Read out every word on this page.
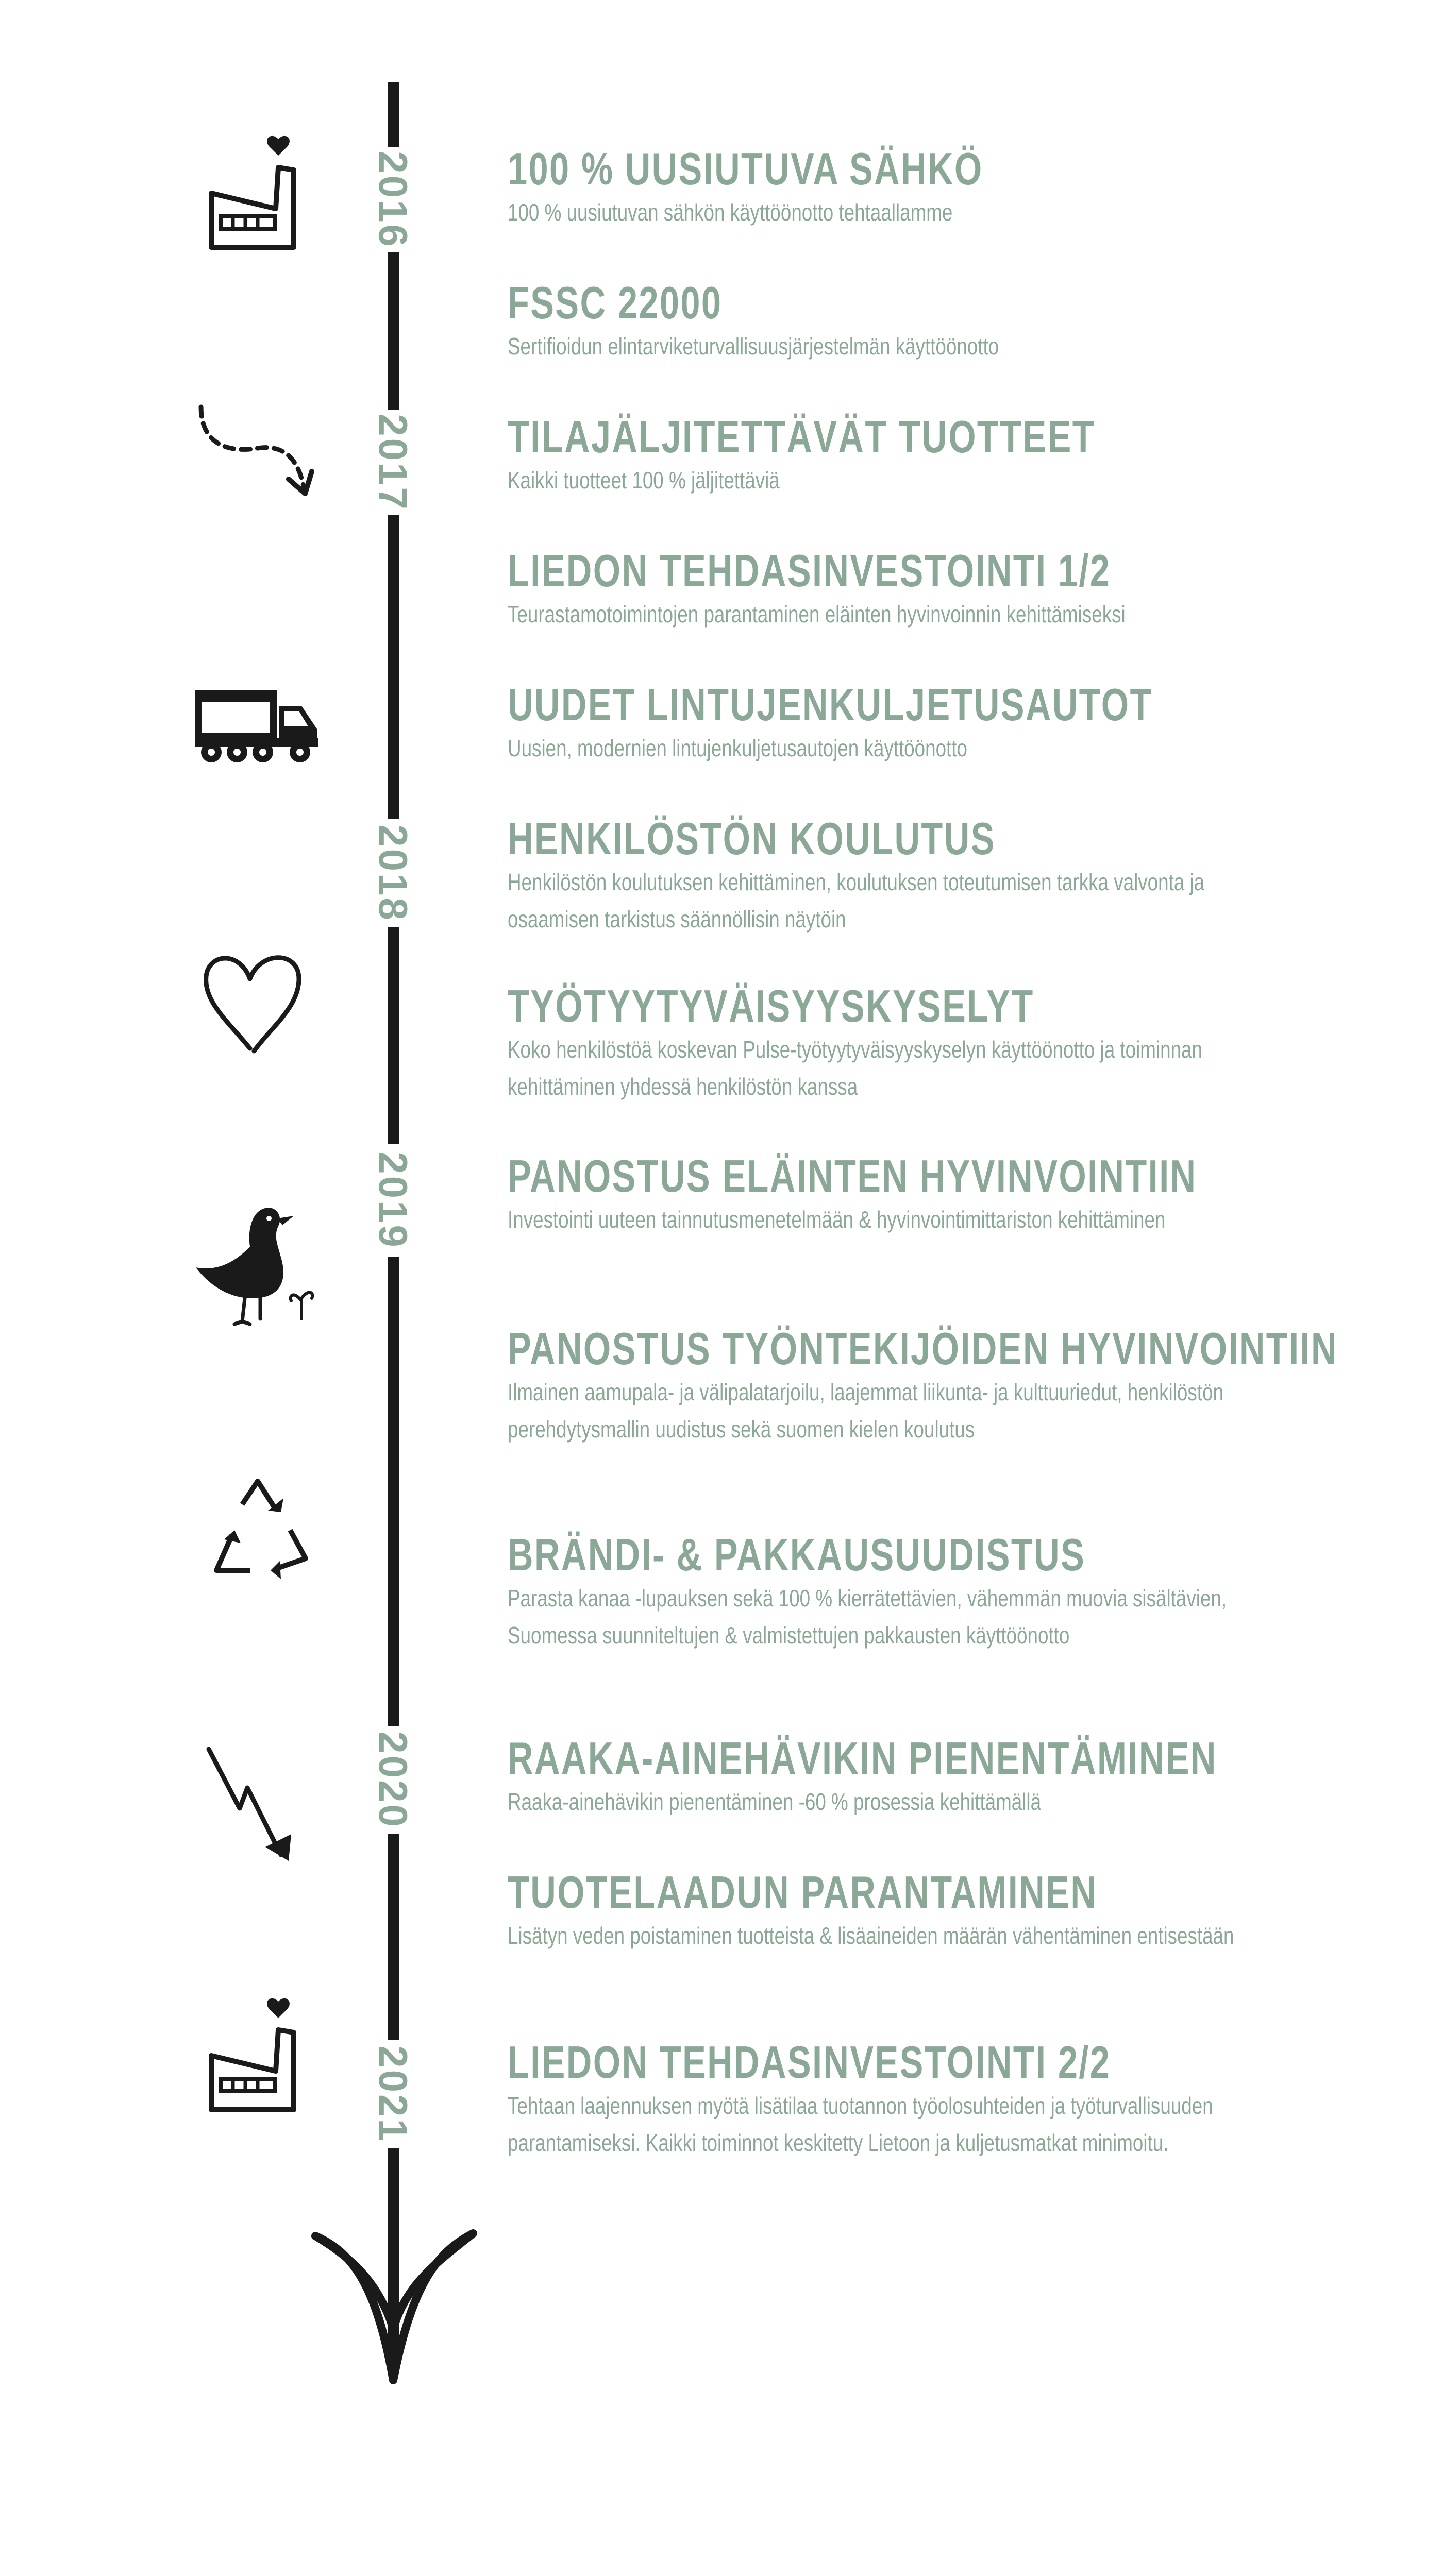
2016
2017
2018
2019
2020
2021
100 % UUSIUTUVA SÄHKÖ
100 % uusiutuvan sähkön käyttöönotto tehtaallamme
FSSC 22000
Sertifioidun elintarviketurvallisuusjärjestelmän käyttöönotto
TILAJÄLJITETTÄVÄT TUOTTEET
Kaikki tuotteet 100 % jäljitettäviä
LIEDON TEHDASINVESTOINTI 1/2
Teurastamotoimintojen parantaminen eläinten hyvinvoinnin kehittämiseksi
UUDET LINTUJENKULJETUSAUTOT
Uusien, modernien lintujenkuljetusautojen käyttöönotto
HENKILÖSTÖN KOULUTUS
Henkilöstön koulutuksen kehittäminen, koulutuksen toteutumisen tarkka valvonta ja osaamisen tarkistus säännöllisin näytöin
TYÖTYYTYVÄISYYSKYSELYT
Koko henkilöstöä koskevan Pulse-työtyytyväisyyskyselyn käyttöönotto ja toiminnan kehittäminen yhdessä henkilöstön kanssa
PANOSTUS ELÄINTEN HYVINVOINTIIN
Investointi uuteen tainnutusmenetelmään & hyvinvointimittariston kehittäminen
PANOSTUS TYÖNTEKIJÖIDEN HYVINVOINTIIN
Ilmainen aamupala- ja välipalatarjoilu, laajemmat liikunta- ja kulttuuriedut, henkilöstön perehdytysmallin uudistus sekä suomen kielen koulutus
BRÄNDI- & PAKKAUSUUDISTUS
Parasta kanaa -lupauksen sekä 100 % kierrätettävien, vähemmän muovia sisältävien, Suomessa suunniteltujen & valmistettujen pakkausten käyttöönotto
RAAKA-AINEHÄVIKIN PIENENTÄMINEN
Raaka-ainehävikin pienentäminen -60 % prosessia kehittämällä
TUOTELAADUN PARANTAMINEN
Lisätyn veden poistaminen tuotteista & lisäaineiden määrän vähentäminen entisestään
LIEDON TEHDASINVESTOINTI 2/2
Tehtaan laajennuksen myötä lisätilaa tuotannon työolosuhteiden ja työturvallisuuden parantamiseksi. Kaikki toiminnot keskitetty Lietoon ja kuljetusmatkat minimoitu.
